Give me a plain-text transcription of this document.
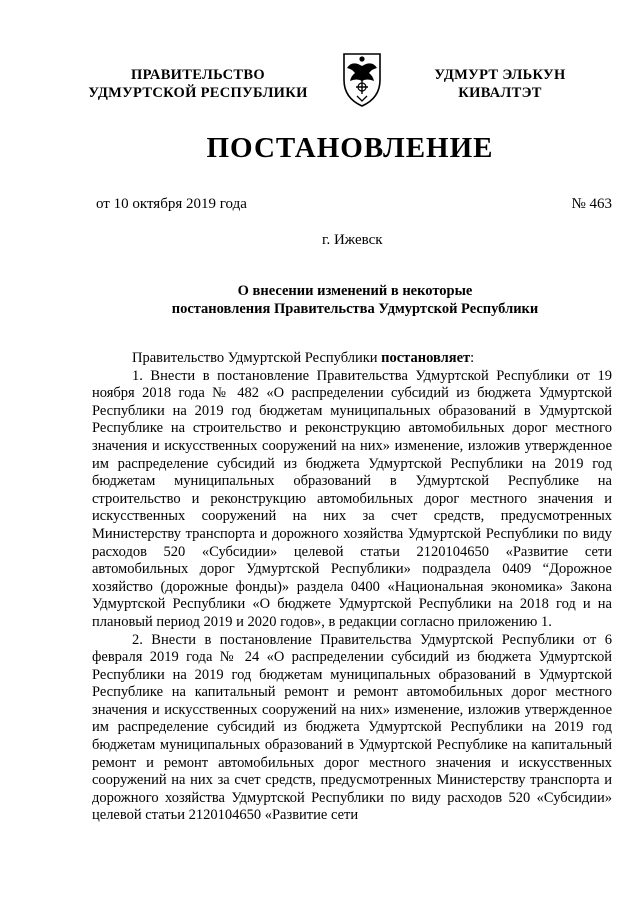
ПРАВИТЕЛЬСТВО
УДМУРТСКОЙ РЕСПУБЛИКИ
УДМУРТ ЭЛЬКУН
КИВАЛТЭТ
ПОСТАНОВЛЕНИЕ
от 10 октября 2019 года	№ 463
г. Ижевск
О внесении изменений в некоторые
постановления Правительства Удмуртской Республики

Правительство Удмуртской Республики постановляет:

1. Внести в постановление Правительства Удмуртской Республики от 19 ноября 2018 года № 482 «О распределении субсидий из бюджета Удмуртской Республики на 2019 год бюджетам муниципальных образований в Удмуртской Республике на строительство и реконструкцию автомобильных дорог местного значения и искусственных сооружений на них» изменение, изложив утвержденное им распределение субсидий из бюджета Удмуртской Республики на 2019 год бюджетам муниципальных образований в Удмуртской Республике на строительство и реконструкцию автомобильных дорог местного значения и искусственных сооружений на них за счет средств, предусмотренных Министерству транспорта и дорожного хозяйства Удмуртской Республики по виду расходов 520 «Субсидии» целевой статьи 2120104650 «Развитие сети автомобильных дорог Удмуртской Республики» подраздела 0409 “Дорожное хозяйство (дорожные фонды)» раздела 0400 «Национальная экономика» Закона Удмуртской Республики «О бюджете Удмуртской Республики на 2018 год и на плановый период 2019 и 2020 годов», в редакции согласно приложению 1.

2. Внести в постановление Правительства Удмуртской Республики от 6 февраля 2019 года № 24 «О распределении субсидий из бюджета Удмуртской Республики на 2019 год бюджетам муниципальных образований в Удмуртской Республике на капитальный ремонт и ремонт автомобильных дорог местного значения и искусственных сооружений на них» изменение, изложив утвержденное им распределение субсидий из бюджета Удмуртской Республики на 2019 год бюджетам муниципальных образований в Удмуртской Республике на капитальный ремонт и ремонт автомобильных дорог местного значения и искусственных сооружений на них за счет средств, предусмотренных Министерству транспорта и дорожного хозяйства Удмуртской Республики по виду расходов 520 «Субсидии» целевой статьи 2120104650 «Развитие сети
